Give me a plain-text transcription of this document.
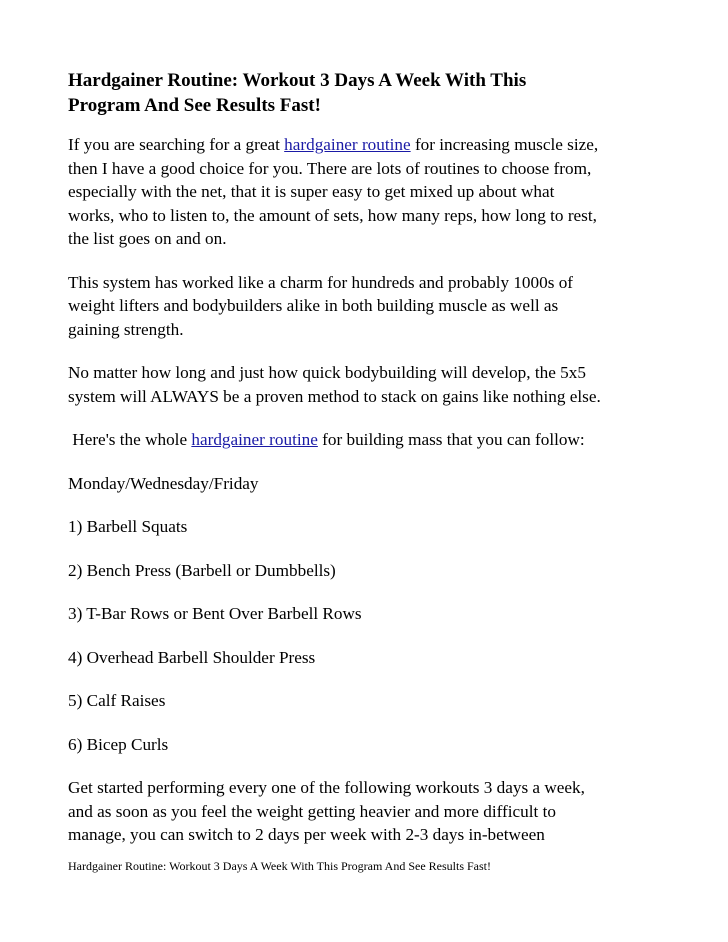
Hardgainer Routine: Workout 3 Days A Week With This
Program And See Results Fast!

If you are searching for a great hardgainer routine for increasing muscle size,
then I have a good choice for you. There are lots of routines to choose from,
especially with the net, that it is super easy to get mixed up about what
works, who to listen to, the amount of sets, how many reps, how long to rest,
the list goes on and on.

This system has worked like a charm for hundreds and probably 1000s of
weight lifters and bodybuilders alike in both building muscle as well as
gaining strength.

No matter how long and just how quick bodybuilding will develop, the 5x5
system will ALWAYS be a proven method to stack on gains like nothing else.

Here's the whole hardgainer routine for building mass that you can follow:

Monday/Wednesday/Friday

1) Barbell Squats

2) Bench Press (Barbell or Dumbbells)

3) T-Bar Rows or Bent Over Barbell Rows

4) Overhead Barbell Shoulder Press

5) Calf Raises

6) Bicep Curls

Get started performing every one of the following workouts 3 days a week,
and as soon as you feel the weight getting heavier and more difficult to
manage, you can switch to 2 days per week with 2-3 days in-between

Hardgainer Routine: Workout 3 Days A Week With This Program And See Results Fast!
